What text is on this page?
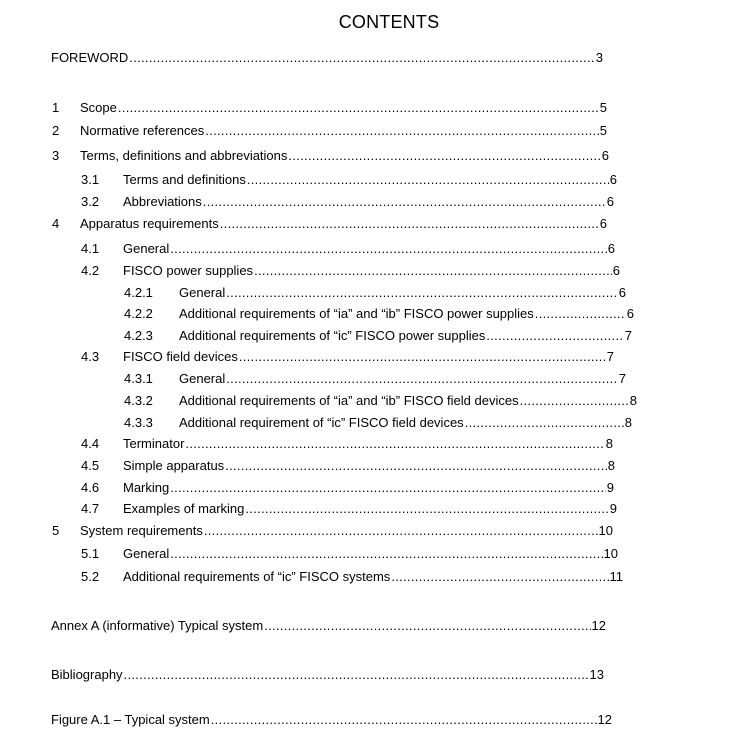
CONTENTS
FOREWORD .....	3
1	Scope .....	5
2	Normative references .....	5
3	Terms, definitions and abbreviations .....	6
3.1	Terms and definitions .....	6
3.2	Abbreviations .....	6
4	Apparatus requirements .....	6
4.1	General .....	6
4.2	FISCO power supplies .....	6
4.2.1	General .....	6
4.2.2	Additional requirements of “ia” and “ib” FISCO power supplies .....	6
4.2.3	Additional requirements of “ic” FISCO power supplies .....	7
4.3	FISCO field devices .....	7
4.3.1	General .....	7
4.3.2	Additional requirements of “ia” and “ib” FISCO field devices .....	8
4.3.3	Additional requirement of “ic” FISCO field devices .....	8
4.4	Terminator .....	8
4.5	Simple apparatus .....	8
4.6	Marking .....	9
4.7	Examples of marking .....	9
5	System requirements .....	10
5.1	General .....	10
5.2	Additional requirements of “ic” FISCO systems .....	11
Annex A (informative) Typical system .....	12
Bibliography .....	13
Figure A.1 – Typical system .....	12
